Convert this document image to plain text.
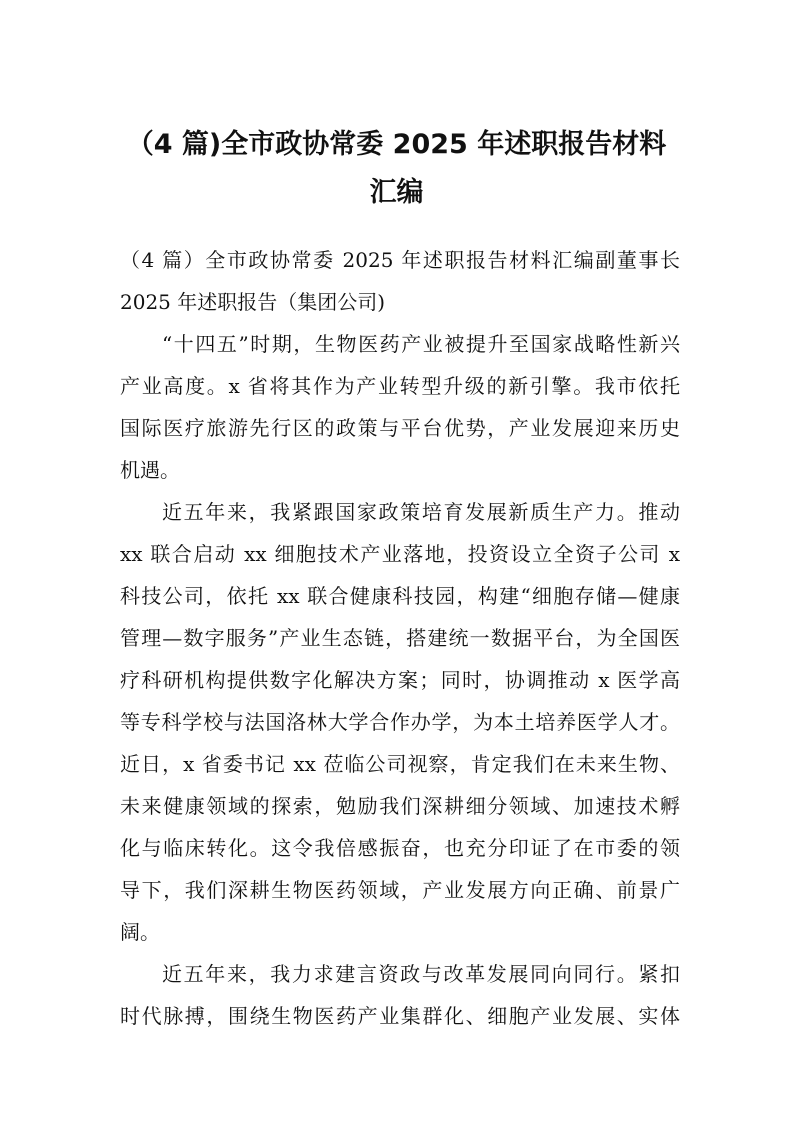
（4 篇)全市政协常委 2025 年述职报告材料
汇编
（4 篇）全市政协常委 2025 年述职报告材料汇编副董事长
2025 年述职报告（集团公司)
“十四五”时期，生物医药产业被提升至国家战略性新兴
产业高度。x 省将其作为产业转型升级的新引擎。我市依托
国际医疗旅游先行区的政策与平台优势，产业发展迎来历史
机遇。
近五年来，我紧跟国家政策培育发展新质生产力。推动
xx 联合启动 xx 细胞技术产业落地，投资设立全资子公司 x
科技公司，依托 xx 联合健康科技园，构建“细胞存储—健康
管理—数字服务”产业生态链，搭建统一数据平台，为全国医
疗科研机构提供数字化解决方案；同时，协调推动 x 医学高
等专科学校与法国洛林大学合作办学，为本土培养医学人才。
近日，x 省委书记 xx 莅临公司视察，肯定我们在未来生物、
未来健康领域的探索，勉励我们深耕细分领域、加速技术孵
化与临床转化。这令我倍感振奋，也充分印证了在市委的领
导下，我们深耕生物医药领域，产业发展方向正确、前景广
阔。
近五年来，我力求建言资政与改革发展同向同行。紧扣
时代脉搏，围绕生物医药产业集群化、细胞产业发展、实体
